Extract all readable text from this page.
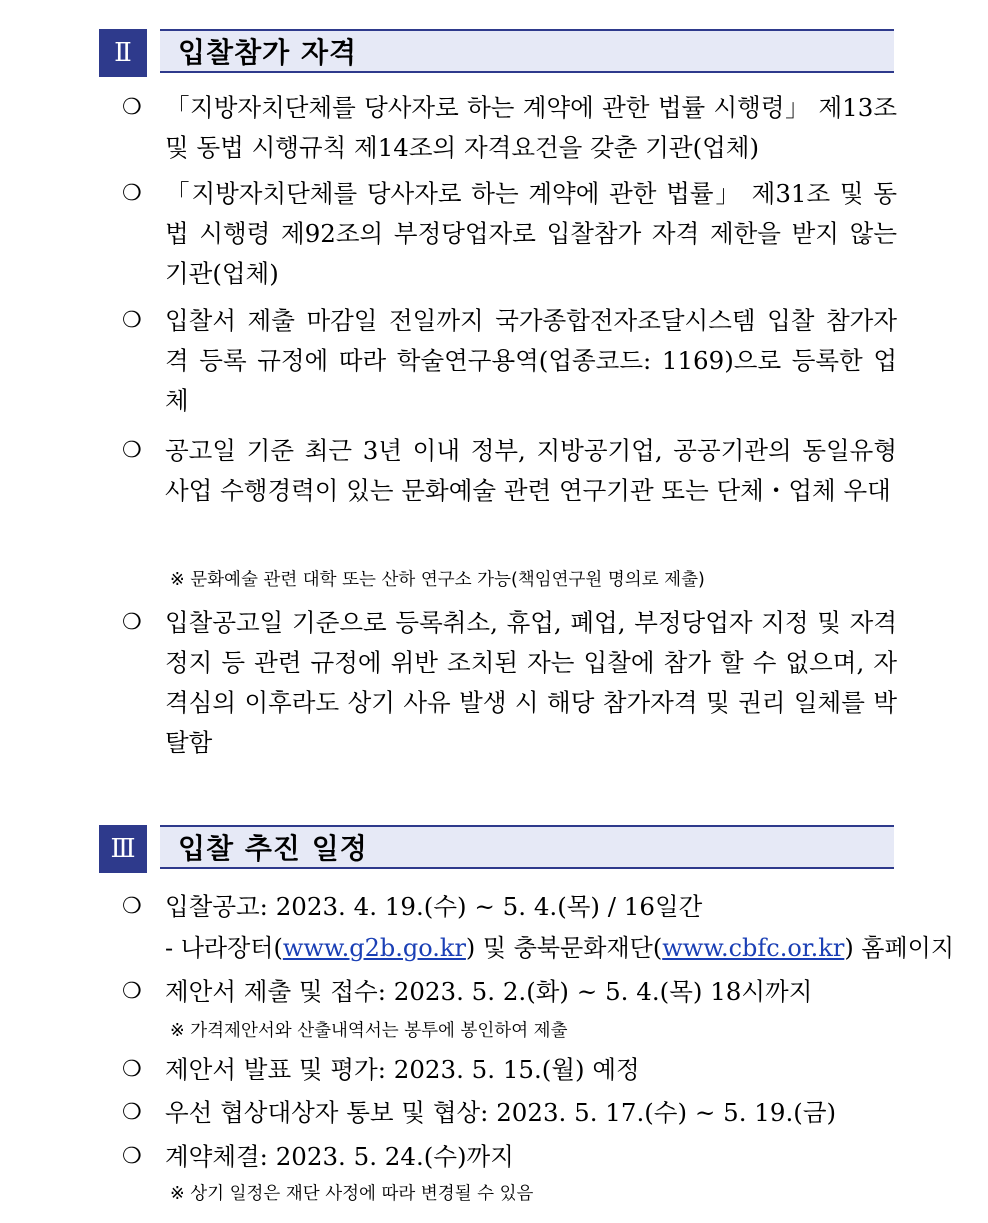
Ⅱ	입찰참가 자격
❍ 「지방자치단체를 당사자로 하는 계약에 관한 법률 시행령」 제13조 및 동법 시행규칙 제14조의 자격요건을 갖춘 기관(업체)
❍ 「지방자치단체를 당사자로 하는 계약에 관한 법률」 제31조 및 동법 시행령 제92조의 부정당업자로 입찰참가 자격 제한을 받지 않는 기관(업체)
❍ 입찰서 제출 마감일 전일까지 국가종합전자조달시스템 입찰 참가자격 등록 규정에 따라 학술연구용역(업종코드: 1169)으로 등록한 업체
❍ 공고일 기준 최근 3년 이내 정부, 지방공기업, 공공기관의 동일유형 사업 수행경력이 있는 문화예술 관련 연구기관 또는 단체・업체 우대
※ 문화예술 관련 대학 또는 산하 연구소 가능(책임연구원 명의로 제출)
❍ 입찰공고일 기준으로 등록취소, 휴업, 폐업, 부정당업자 지정 및 자격정지 등 관련 규정에 위반 조치된 자는 입찰에 참가 할 수 없으며, 자격심의 이후라도 상기 사유 발생 시 해당 참가자격 및 권리 일체를 박탈함
Ⅲ	입찰 추진 일정
❍ 입찰공고: 2023. 4. 19.(수) ~ 5. 4.(목) / 16일간
- 나라장터(www.g2b.go.kr) 및 충북문화재단(www.cbfc.or.kr) 홈페이지
❍ 제안서 제출 및 접수: 2023. 5. 2.(화) ~ 5. 4.(목) 18시까지
※ 가격제안서와 산출내역서는 봉투에 봉인하여 제출
❍ 제안서 발표 및 평가: 2023. 5. 15.(월) 예정
❍ 우선 협상대상자 통보 및 협상: 2023. 5. 17.(수) ~ 5. 19.(금)
❍ 계약체결: 2023. 5. 24.(수)까지
※ 상기 일정은 재단 사정에 따라 변경될 수 있음
